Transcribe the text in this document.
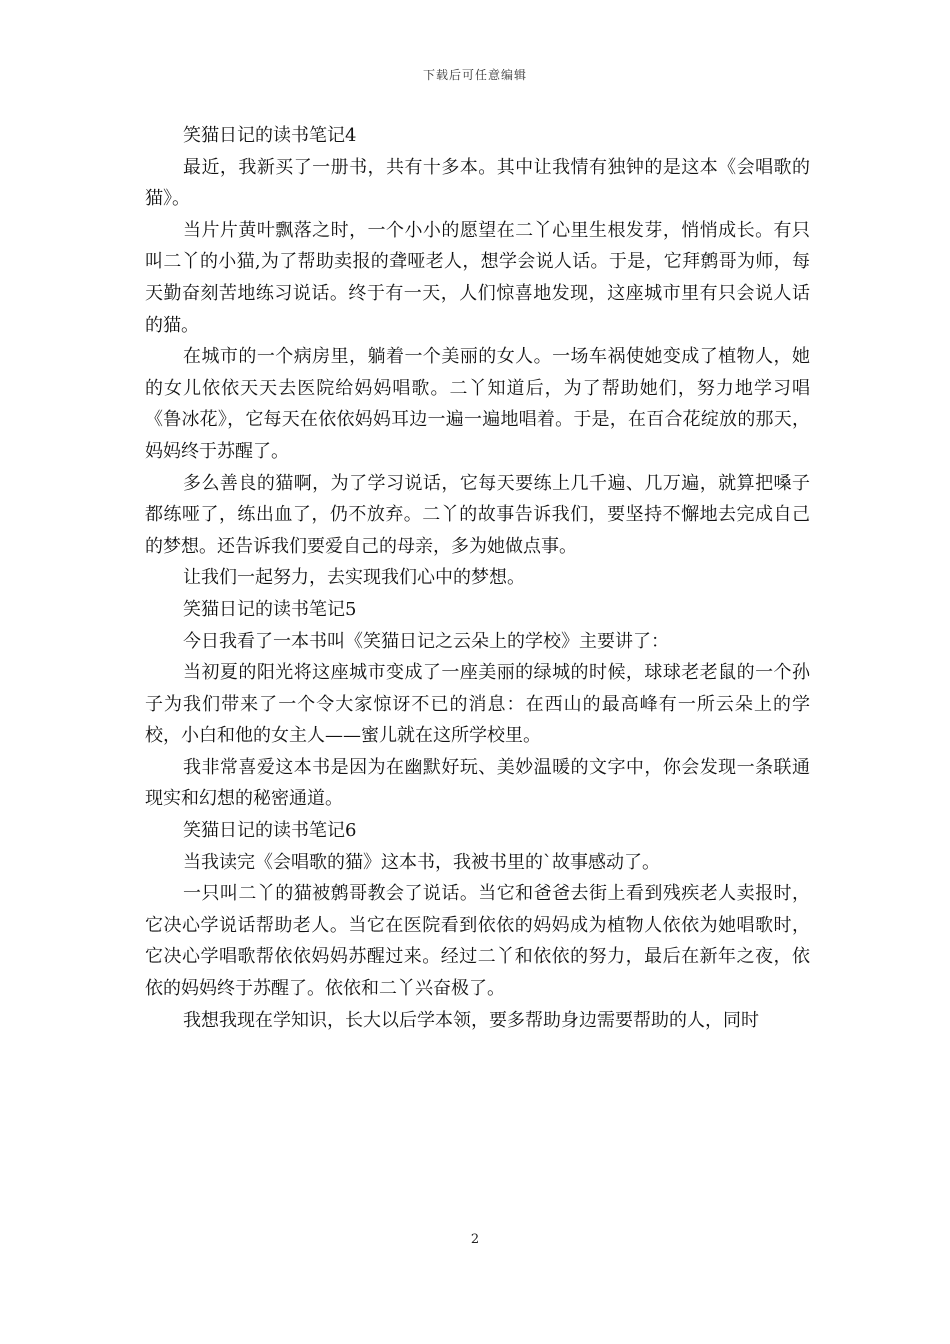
下载后可任意编辑

笑猫日记的读书笔记4

最近，我新买了一册书，共有十多本。其中让我情有独钟的是这本《会唱歌的猫》。

当片片黄叶飘落之时，一个小小的愿望在二丫心里生根发芽，悄悄成长。有只叫二丫的小猫,为了帮助卖报的聋哑老人，想学会说人话。于是，它拜鹩哥为师，每天勤奋刻苦地练习说话。终于有一天，人们惊喜地发现，这座城市里有只会说人话的猫。

在城市的一个病房里，躺着一个美丽的女人。一场车祸使她变成了植物人，她的女儿依依天天去医院给妈妈唱歌。二丫知道后，为了帮助她们，努力地学习唱《鲁冰花》，它每天在依依妈妈耳边一遍一遍地唱着。于是，在百合花绽放的那天，妈妈终于苏醒了。

多么善良的猫啊，为了学习说话，它每天要练上几千遍、几万遍，就算把嗓子都练哑了，练出血了，仍不放弃。二丫的故事告诉我们，要坚持不懈地去完成自己的梦想。还告诉我们要爱自己的母亲，多为她做点事。

让我们一起努力，去实现我们心中的梦想。

笑猫日记的读书笔记5

今日我看了一本书叫《笑猫日记之云朵上的学校》主要讲了：

当初夏的阳光将这座城市变成了一座美丽的绿城的时候，球球老老鼠的一个孙子为我们带来了一个令大家惊讶不已的消息：在西山的最高峰有一所云朵上的学校，小白和他的女主人——蜜儿就在这所学校里。

我非常喜爱这本书是因为在幽默好玩、美妙温暖的文字中，你会发现一条联通现实和幻想的秘密通道。

笑猫日记的读书笔记6

当我读完《会唱歌的猫》这本书，我被书里的`故事感动了。

一只叫二丫的猫被鹩哥教会了说话。当它和爸爸去街上看到残疾老人卖报时，它决心学说话帮助老人。当它在医院看到依依的妈妈成为植物人依依为她唱歌时，它决心学唱歌帮依依妈妈苏醒过来。经过二丫和依依的努力，最后在新年之夜，依依的妈妈终于苏醒了。依依和二丫兴奋极了。

我想我现在学知识，长大以后学本领，要多帮助身边需要帮助的人，同时

2
